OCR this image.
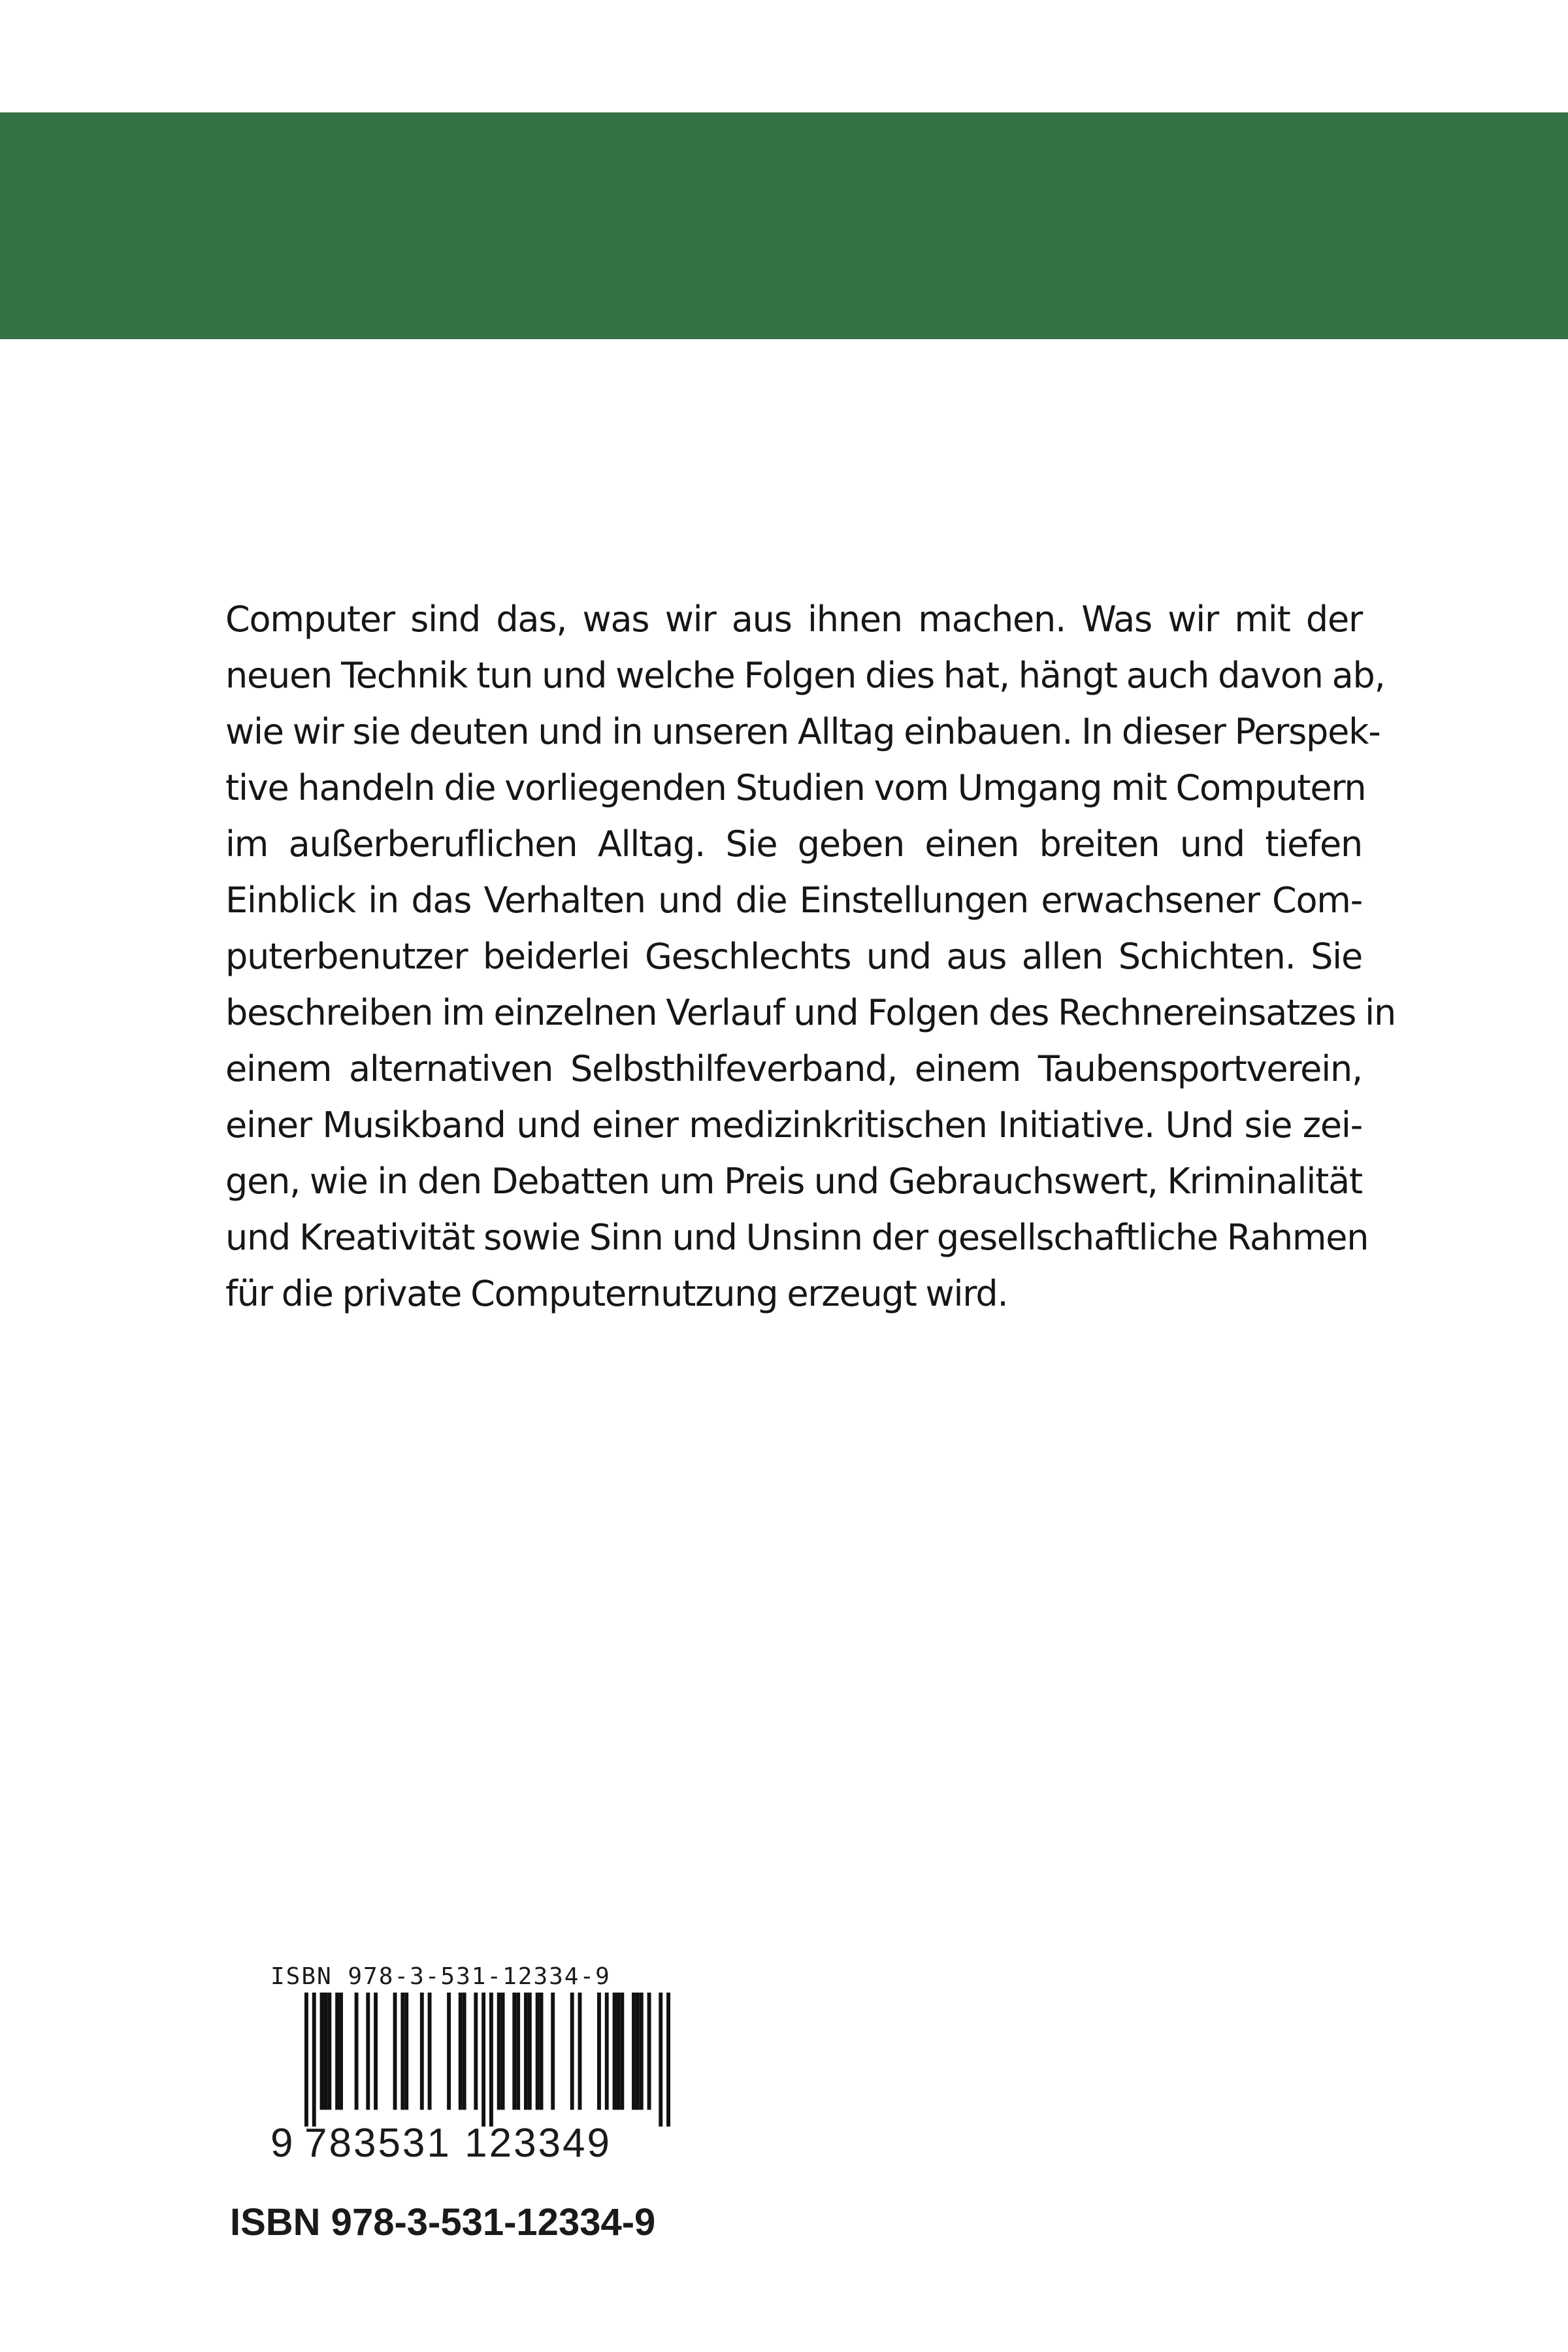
Computer sind das, was wir aus ihnen machen. Was wir mit der
neuen Technik tun und welche Folgen dies hat, hängt auch davon ab,
wie wir sie deuten und in unseren Alltag einbauen. In dieser Perspek-
tive handeln die vorliegenden Studien vom Umgang mit Computern
im außerberuflichen Alltag. Sie geben einen breiten und tiefen
Einblick in das Verhalten und die Einstellungen erwachsener Com-
puterbenutzer beiderlei Geschlechts und aus allen Schichten. Sie
beschreiben im einzelnen Verlauf und Folgen des Rechnereinsatzes in
einem alternativen Selbsthilfeverband, einem Taubensportverein,
einer Musikband und einer medizinkritischen Initiative. Und sie zei-
gen, wie in den Debatten um Preis und Gebrauchswert, Kriminalität
und Kreativität sowie Sinn und Unsinn der gesellschaftliche Rahmen
für die private Computernutzung erzeugt wird.
ISBN 978-3-531-12334-9
9 783531 123349
ISBN 978-3-531-12334-9
